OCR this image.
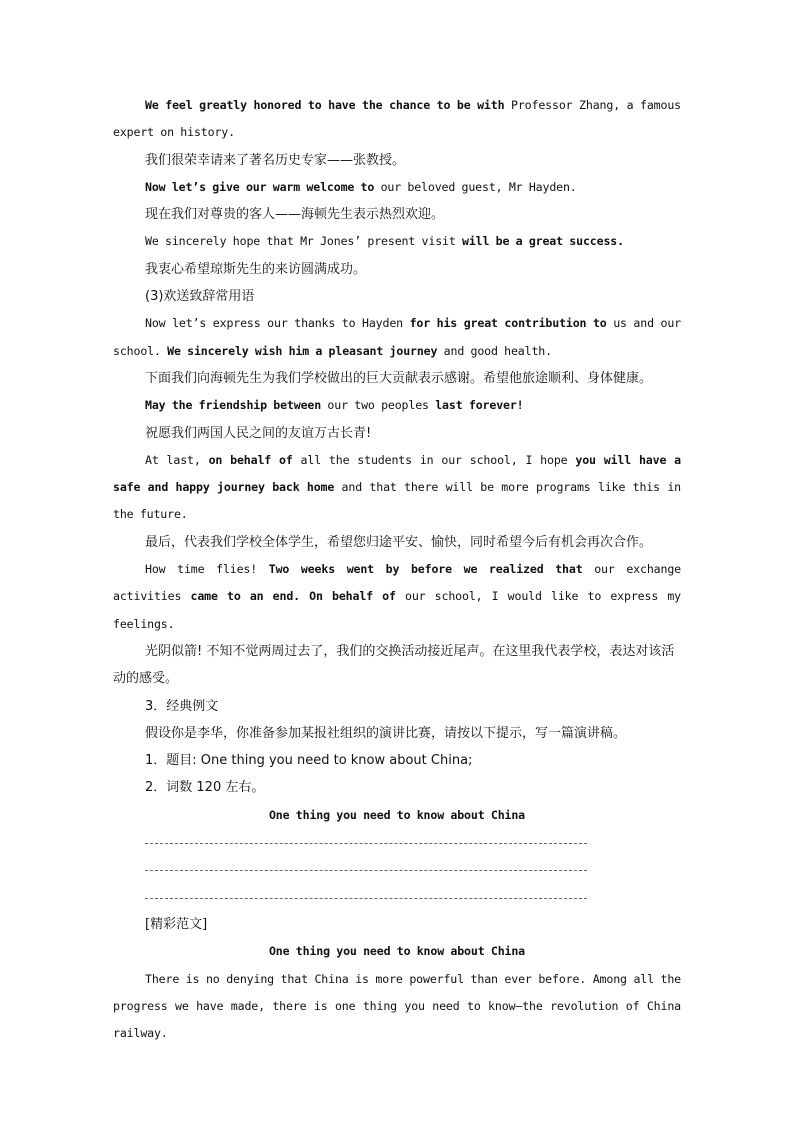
We feel greatly honored to have the chance to be with Professor Zhang, a famous expert on history.

我们很荣幸请来了著名历史专家——张教授。

Now let’s give our warm welcome to our beloved guest, Mr Hayden.

现在我们对尊贵的客人——海顿先生表示热烈欢迎。

We sincerely hope that Mr Jones’ present visit will be a great success.

我衷心希望琼斯先生的来访圆满成功。

(3)欢送致辞常用语

Now let’s express our thanks to Hayden for his great contribution to us and our school. We sincerely wish him a pleasant journey and good health.

下面我们向海顿先生为我们学校做出的巨大贡献表示感谢。希望他旅途顺利、身体健康。

May the friendship between our two peoples last forever!

祝愿我们两国人民之间的友谊万古长青!

At last, on behalf of all the students in our school, I hope you will have a safe and happy journey back home and that there will be more programs like this in the future.

最后，代表我们学校全体学生，希望您归途平安、愉快，同时希望今后有机会再次合作。

How time flies! Two weeks went by before we realized that our exchange activities came to an end. On behalf of our school, I would like to express my feelings.

光阴似箭! 不知不觉两周过去了，我们的交换活动接近尾声。在这里我代表学校，表达对该活动的感受。

3．经典例文

假设你是李华，你准备参加某报社组织的演讲比赛，请按以下提示，写一篇演讲稿。

1．题目: One thing you need to know about China;

2．词数 120 左右。

One thing you need to know about China

[精彩范文]

One thing you need to know about China

There is no denying that China is more powerful than ever before. Among all the progress we have made, there is one thing you need to know—the revolution of China railway.
